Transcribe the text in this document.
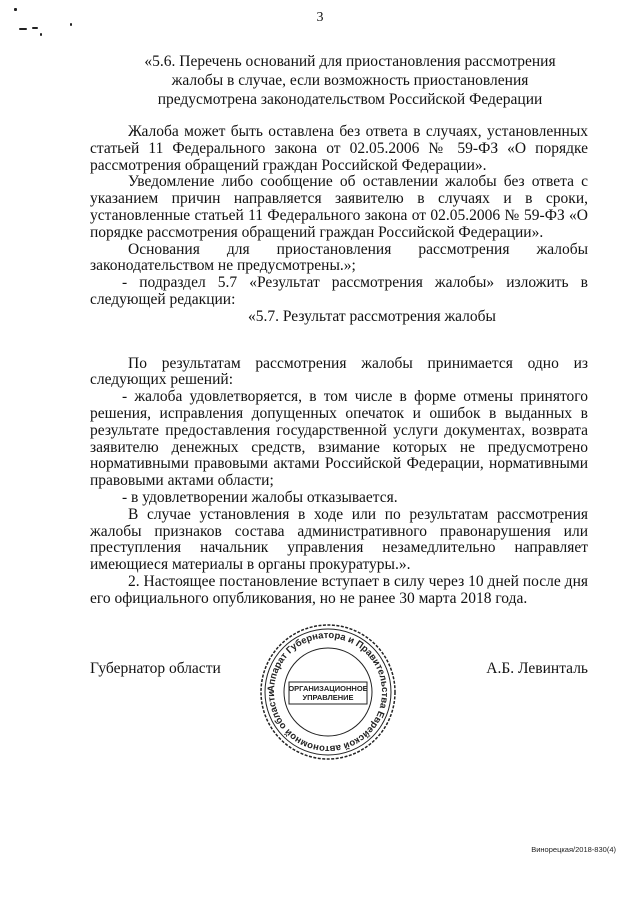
3
«5.6. Перечень оснований для приостановления рассмотрения
жалобы в случае, если возможность приостановления
предусмотрена законодательством Российской Федерации

Жалоба может быть оставлена без ответа в случаях, установленных статьей 11 Федерального закона от 02.05.2006 № 59-ФЗ «О порядке рассмотрения обращений граждан Российской Федерации».

Уведомление либо сообщение об оставлении жалобы без ответа с указанием причин направляется заявителю в случаях и в сроки, установленные статьей 11 Федерального закона от 02.05.2006 № 59-ФЗ «О порядке рассмотрения обращений граждан Российской Федерации».

Основания для приостановления рассмотрения жалобы законодательством не предусмотрены.»;

- подраздел 5.7 «Результат рассмотрения жалобы» изложить в следующей редакции:

«5.7. Результат рассмотрения жалобы

По результатам рассмотрения жалобы принимается одно из следующих решений:

- жалоба удовлетворяется, в том числе в форме отмены принятого решения, исправления допущенных опечаток и ошибок в выданных в результате предоставления государственной услуги документах, возврата заявителю денежных средств, взимание которых не предусмотрено нормативными правовыми актами Российской Федерации, нормативными правовыми актами области;

- в удовлетворении жалобы отказывается.

В случае установления в ходе или по результатам рассмотрения жалобы признаков состава административного правонарушения или преступления начальник управления незамедлительно направляет имеющиеся материалы в органы прокуратуры.».

2. Настоящее постановление вступает в силу через 10 дней после дня его официального опубликования, но не ранее 30 марта 2018 года.

Губернатор области	А.Б. Левинталь
Аппарат Губернатора и Правительства Еврейской автономной области
ОРГАНИЗАЦИОННОЕ
УПРАВЛЕНИЕ
Винорецкая/2018-830(4)
